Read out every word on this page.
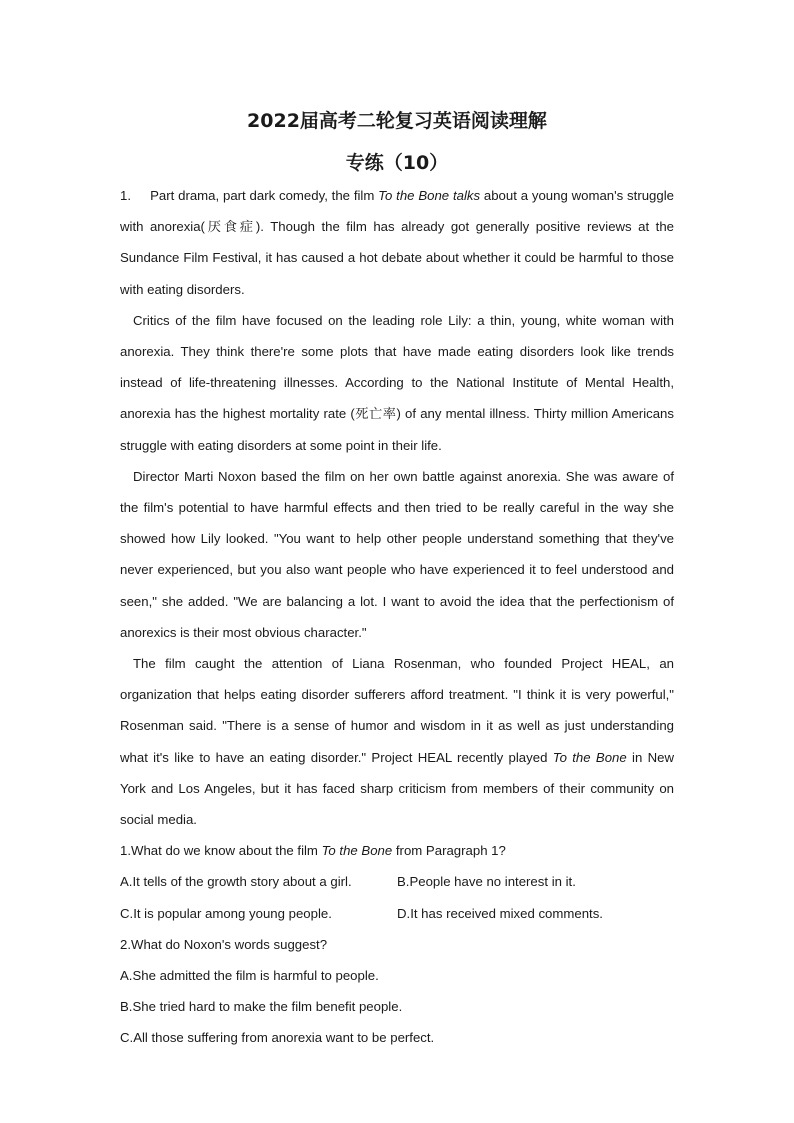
2022届高考二轮复习英语阅读理解
专练（10）

1. Part drama, part dark comedy, the film To the Bone talks about a young woman's struggle with anorexia(厌食症). Though the film has already got generally positive reviews at the Sundance Film Festival, it has caused a hot debate about whether it could be harmful to those with eating disorders.

Critics of the film have focused on the leading role Lily: a thin, young, white woman with anorexia. They think there're some plots that have made eating disorders look like trends instead of life-threatening illnesses. According to the National Institute of Mental Health, anorexia has the highest mortality rate (死亡率) of any mental illness. Thirty million Americans struggle with eating disorders at some point in their life.

Director Marti Noxon based the film on her own battle against anorexia. She was aware of the film's potential to have harmful effects and then tried to be really careful in the way she showed how Lily looked. "You want to help other people understand something that they've never experienced, but you also want people who have experienced it to feel understood and seen," she added. "We are balancing a lot. I want to avoid the idea that the perfectionism of anorexics is their most obvious character."

The film caught the attention of Liana Rosenman, who founded Project HEAL, an organization that helps eating disorder sufferers afford treatment. "I think it is very powerful," Rosenman said. "There is a sense of humor and wisdom in it as well as just understanding what it's like to have an eating disorder." Project HEAL recently played To the Bone in New York and Los Angeles, but it has faced sharp criticism from members of their community on social media.

1.What do we know about the film To the Bone from Paragraph 1?
A.It tells of the growth story about a girl.	B.People have no interest in it.
C.It is popular among young people.	D.It has received mixed comments.
2.What do Noxon's words suggest?
A.She admitted the film is harmful to people.
B.She tried hard to make the film benefit people.
C.All those suffering from anorexia want to be perfect.
